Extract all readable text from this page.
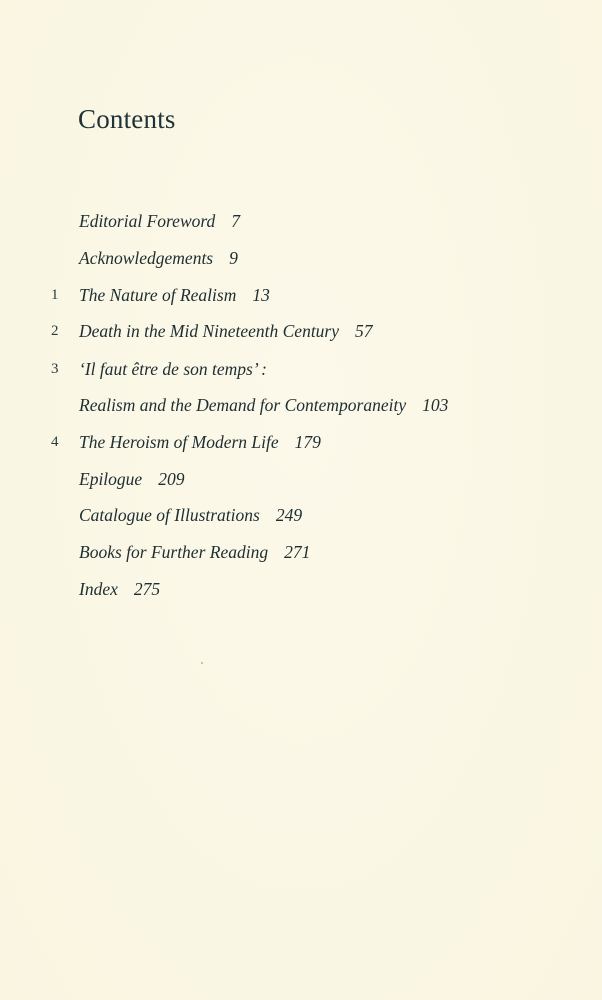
Contents
Editorial Foreword 7
Acknowledgements 9
1 The Nature of Realism 13
2 Death in the Mid Nineteenth Century 57
3 ‘Il faut être de son temps’ :
Realism and the Demand for Contemporaneity 103
4 The Heroism of Modern Life 179
Epilogue 209
Catalogue of Illustrations 249
Books for Further Reading 271
Index 275
